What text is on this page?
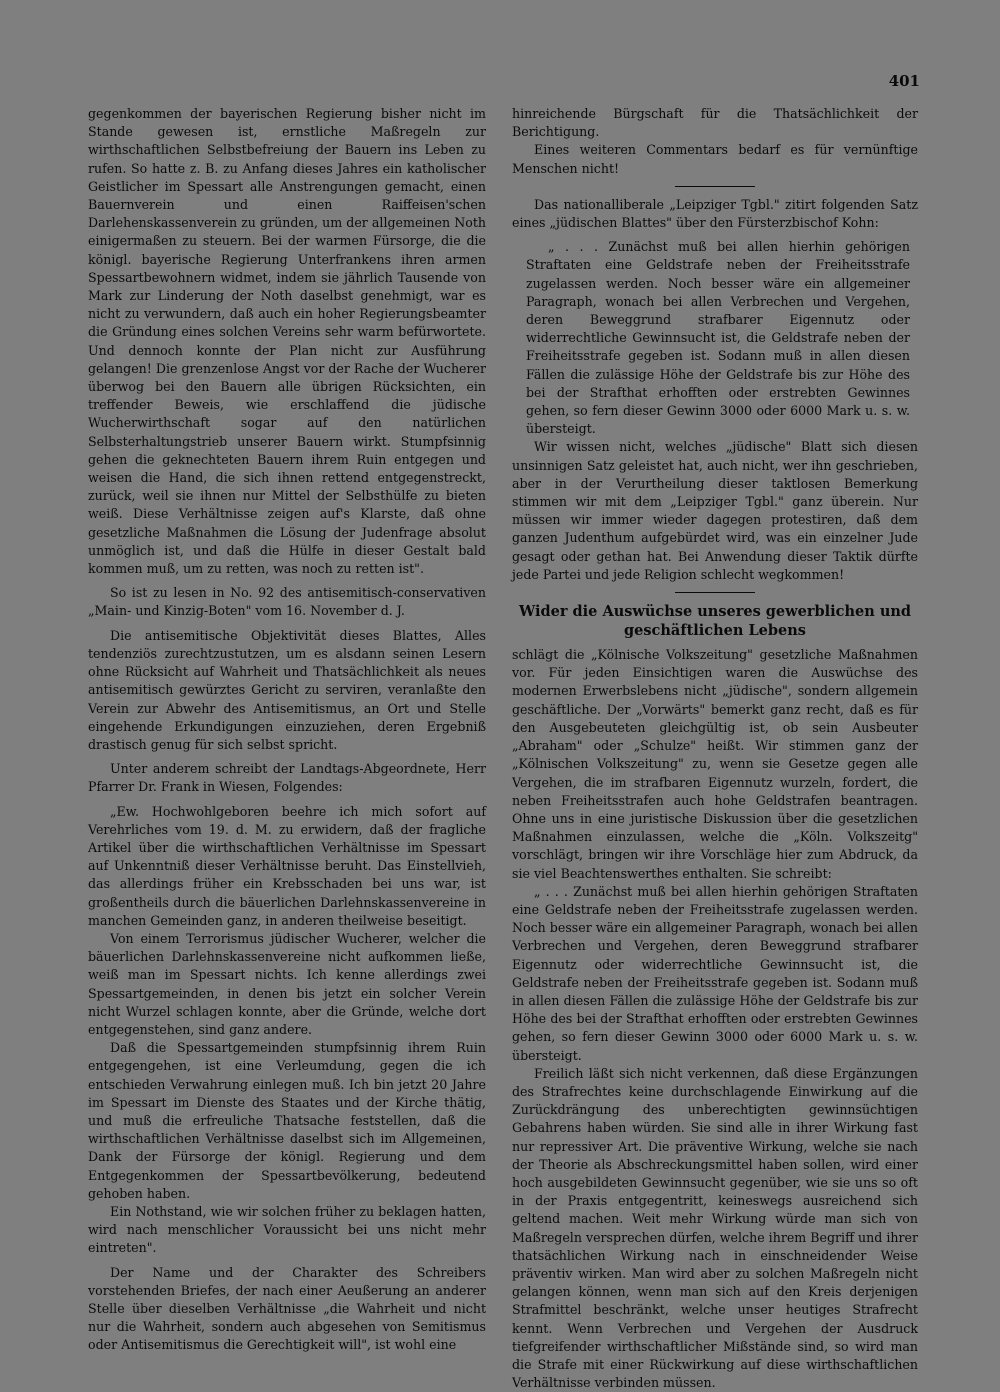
401

gegenkommen der bayerischen Regierung bisher nicht im Stande gewesen ist, ernstliche Maßregeln zur wirthschaftlichen Selbstbefreiung der Bauern ins Leben zu rufen. So hatte z. B. zu Anfang dieses Jahres ein katholischer Geistlicher im Spessart alle Anstrengungen gemacht, einen Bauernverein und einen Raiffeisen'schen Darlehenskassenverein zu gründen, um der allgemeinen Noth einigermaßen zu steuern. Bei der warmen Fürsorge, die die königl. bayerische Regierung Unterfrankens ihren armen Spessartbewohnern widmet, indem sie jährlich Tausende von Mark zur Linderung der Noth daselbst genehmigt, war es nicht zu verwundern, daß auch ein hoher Regierungsbeamter die Gründung eines solchen Vereins sehr warm befürwortete. Und dennoch konnte der Plan nicht zur Ausführung gelangen! Die grenzenlose Angst vor der Rache der Wucherer überwog bei den Bauern alle übrigen Rücksichten, ein treffender Beweis, wie erschlaffend die jüdische Wucherwirthschaft sogar auf den natürlichen Selbsterhaltungstrieb unserer Bauern wirkt. Stumpfsinnig gehen die geknechteten Bauern ihrem Ruin entgegen und weisen die Hand, die sich ihnen rettend entgegenstreckt, zurück, weil sie ihnen nur Mittel der Selbsthülfe zu bieten weiß. Diese Verhältnisse zeigen auf's Klarste, daß ohne gesetzliche Maßnahmen die Lösung der Judenfrage absolut unmöglich ist, und daß die Hülfe in dieser Gestalt bald kommen muß, um zu retten, was noch zu retten ist".

So ist zu lesen in No. 92 des antisemitisch-conservativen „Main- und Kinzig-Boten" vom 16. November d. J.

Die antisemitische Objektivität dieses Blattes, Alles tendenziös zurechtzustutzen, um es alsdann seinen Lesern ohne Rücksicht auf Wahrheit und Thatsächlichkeit als neues antisemitisch gewürztes Gericht zu serviren, veranlaßte den Verein zur Abwehr des Antisemitismus, an Ort und Stelle eingehende Erkundigungen einzuziehen, deren Ergebniß drastisch genug für sich selbst spricht.

Unter anderem schreibt der Landtags-Abgeordnete, Herr Pfarrer Dr. Frank in Wiesen, Folgendes:

„Ew. Hochwohlgeboren beehre ich mich sofort auf Verehrliches vom 19. d. M. zu erwidern, daß der fragliche Artikel über die wirthschaftlichen Verhältnisse im Spessart auf Unkenntniß dieser Verhältnisse beruht. Das Einstellvieh, das allerdings früher ein Krebsschaden bei uns war, ist großentheils durch die bäuerlichen Darlehnskassenvereine in manchen Gemeinden ganz, in anderen theilweise beseitigt.

Von einem Terrorismus jüdischer Wucherer, welcher die bäuerlichen Darlehnskassenvereine nicht aufkommen ließe, weiß man im Spessart nichts. Ich kenne allerdings zwei Spessartgemeinden, in denen bis jetzt ein solcher Verein nicht Wurzel schlagen konnte, aber die Gründe, welche dort entgegenstehen, sind ganz andere.

Daß die Spessartgemeinden stumpfsinnig ihrem Ruin entgegengehen, ist eine Verleumdung, gegen die ich entschieden Verwahrung einlegen muß. Ich bin jetzt 20 Jahre im Spessart im Dienste des Staates und der Kirche thätig, und muß die erfreuliche Thatsache feststellen, daß die wirthschaftlichen Verhältnisse daselbst sich im Allgemeinen, Dank der Fürsorge der königl. Regierung und dem Entgegenkommen der Spessartbevölkerung, bedeutend gehoben haben.

Ein Nothstand, wie wir solchen früher zu beklagen hatten, wird nach menschlicher Voraussicht bei uns nicht mehr eintreten".

Der Name und der Charakter des Schreibers vorstehenden Briefes, der nach einer Aeußerung an anderer Stelle über dieselben Verhältnisse „die Wahrheit und nicht nur die Wahrheit, sondern auch abgesehen von Semitismus oder Antisemitismus die Gerechtigkeit will", ist wohl eine

hinreichende Bürgschaft für die Thatsächlichkeit der Berichtigung.

Eines weiteren Commentars bedarf es für vernünftige Menschen nicht!

Das nationalliberale „Leipziger Tgbl." zitirt folgenden Satz eines „jüdischen Blattes" über den Fürsterzbischof Kohn:

„ . . . Zunächst muß bei allen hierhin gehörigen Straftaten eine Geldstrafe neben der Freiheitsstrafe zugelassen werden. Noch besser wäre ein allgemeiner Paragraph, wonach bei allen Verbrechen und Vergehen, deren Beweggrund strafbarer Eigennutz oder widerrechtliche Gewinnsucht ist, die Geldstrafe neben der Freiheitsstrafe gegeben ist. Sodann muß in allen diesen Fällen die zulässige Höhe der Geldstrafe bis zur Höhe des bei der Strafthat erhofften oder erstrebten Gewinnes gehen, so fern dieser Gewinn 3000 oder 6000 Mark u. s. w. übersteigt.

Wir wissen nicht, welches „jüdische" Blatt sich diesen unsinnigen Satz geleistet hat, auch nicht, wer ihn geschrieben, aber in der Verurtheilung dieser taktlosen Bemerkung stimmen wir mit dem „Leipziger Tgbl." ganz überein. Nur müssen wir immer wieder dagegen protestiren, daß dem ganzen Judenthum aufgebürdet wird, was ein einzelner Jude gesagt oder gethan hat. Bei Anwendung dieser Taktik dürfte jede Partei und jede Religion schlecht wegkommen!

Wider die Auswüchse unseres gewerblichen und geschäftlichen Lebens

schlägt die „Kölnische Volkszeitung" gesetzliche Maßnahmen vor. Für jeden Einsichtigen waren die Auswüchse des modernen Erwerbslebens nicht „jüdische", sondern allgemein geschäftliche. Der „Vorwärts" bemerkt ganz recht, daß es für den Ausgebeuteten gleichgültig ist, ob sein Ausbeuter „Abraham" oder „Schulze" heißt. Wir stimmen ganz der „Kölnischen Volkszeitung" zu, wenn sie Gesetze gegen alle Vergehen, die im strafbaren Eigennutz wurzeln, fordert, die neben Freiheitsstrafen auch hohe Geldstrafen beantragen. Ohne uns in eine juristische Diskussion über die gesetzlichen Maßnahmen einzulassen, welche die „Köln. Volkszeitg" vorschlägt, bringen wir ihre Vorschläge hier zum Abdruck, da sie viel Beachtenswerthes enthalten. Sie schreibt:

„ . . . Zunächst muß bei allen hierhin gehörigen Straftaten eine Geldstrafe neben der Freiheitsstrafe zugelassen werden. Noch besser wäre ein allgemeiner Paragraph, wonach bei allen Verbrechen und Vergehen, deren Beweggrund strafbarer Eigennutz oder widerrechtliche Gewinnsucht ist, die Geldstrafe neben der Freiheitsstrafe gegeben ist. Sodann muß in allen diesen Fällen die zulässige Höhe der Geldstrafe bis zur Höhe des bei der Strafthat erhofften oder erstrebten Gewinnes gehen, so fern dieser Gewinn 3000 oder 6000 Mark u. s. w. übersteigt.

Freilich läßt sich nicht verkennen, daß diese Ergänzungen des Strafrechtes keine durchschlagende Einwirkung auf die Zurückdrängung des unberechtigten gewinnsüchtigen Gebahrens haben würden. Sie sind alle in ihrer Wirkung fast nur repressiver Art. Die präventive Wirkung, welche sie nach der Theorie als Abschreckungsmittel haben sollen, wird einer hoch ausgebildeten Gewinnsucht gegenüber, wie sie uns so oft in der Praxis entgegentritt, keineswegs ausreichend sich geltend machen. Weit mehr Wirkung würde man sich von Maßregeln versprechen dürfen, welche ihrem Begriff und ihrer thatsächlichen Wirkung nach in einschneidender Weise präventiv wirken. Man wird aber zu solchen Maßregeln nicht gelangen können, wenn man sich auf den Kreis derjenigen Strafmittel beschränkt, welche unser heutiges Strafrecht kennt. Wenn Verbrechen und Vergehen der Ausdruck tiefgreifender wirthschaftlicher Mißstände sind, so wird man die Strafe mit einer Rückwirkung auf diese wirthschaftlichen Verhältnisse verbinden müssen.
